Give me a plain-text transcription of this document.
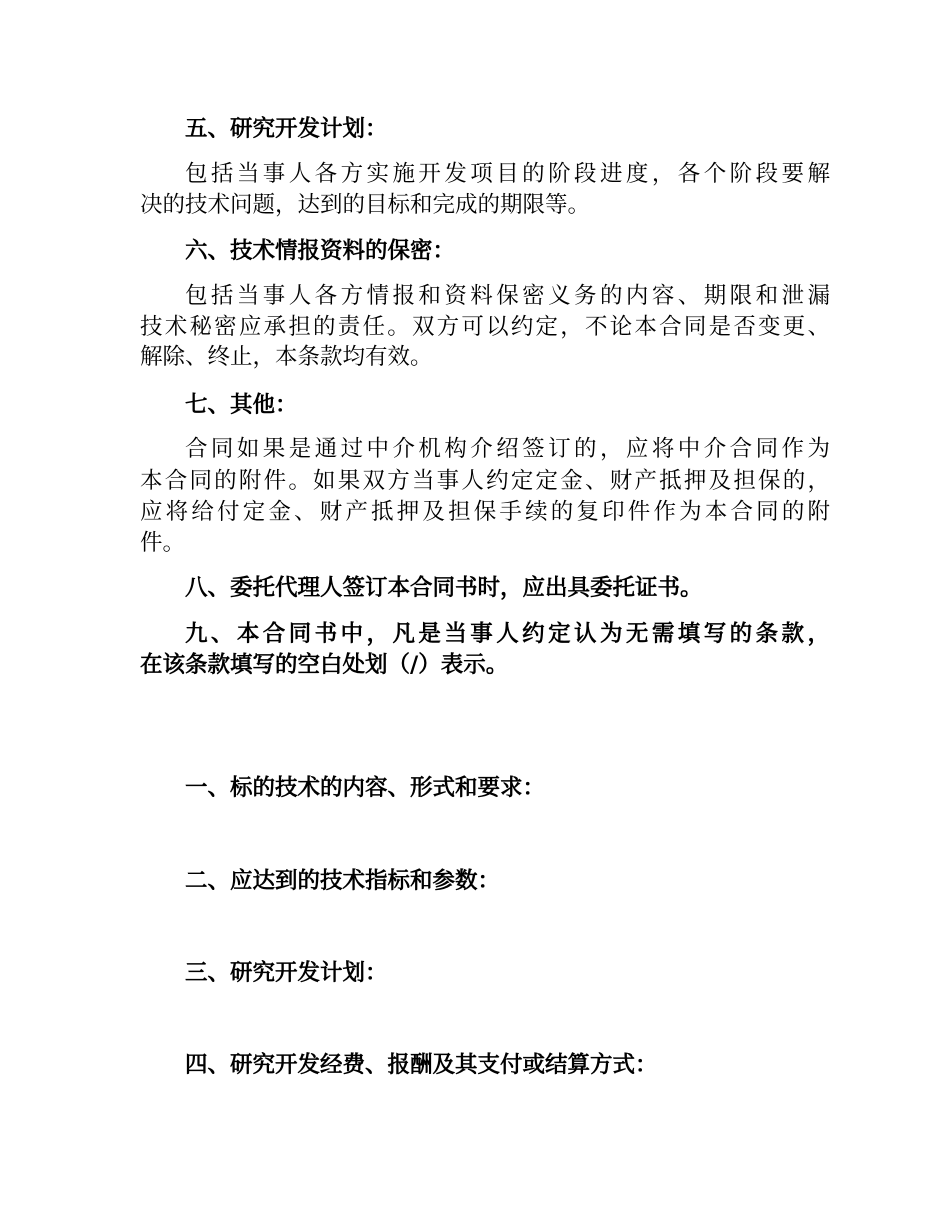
五、研究开发计划：
包括当事人各方实施开发项目的阶段进度，各个阶段要解
决的技术问题，达到的目标和完成的期限等。
六、技术情报资料的保密：
包括当事人各方情报和资料保密义务的内容、期限和泄漏
技术秘密应承担的责任。双方可以约定，不论本合同是否变更、
解除、终止，本条款均有效。
七、其他：
合同如果是通过中介机构介绍签订的，应将中介合同作为
本合同的附件。如果双方当事人约定定金、财产抵押及担保的，
应将给付定金、财产抵押及担保手续的复印件作为本合同的附
件。
八、委托代理人签订本合同书时，应出具委托证书。
九、本合同书中，凡是当事人约定认为无需填写的条款，
在该条款填写的空白处划（/）表示。
一、标的技术的内容、形式和要求：
二、应达到的技术指标和参数：
三、研究开发计划：
四、研究开发经费、报酬及其支付或结算方式：
